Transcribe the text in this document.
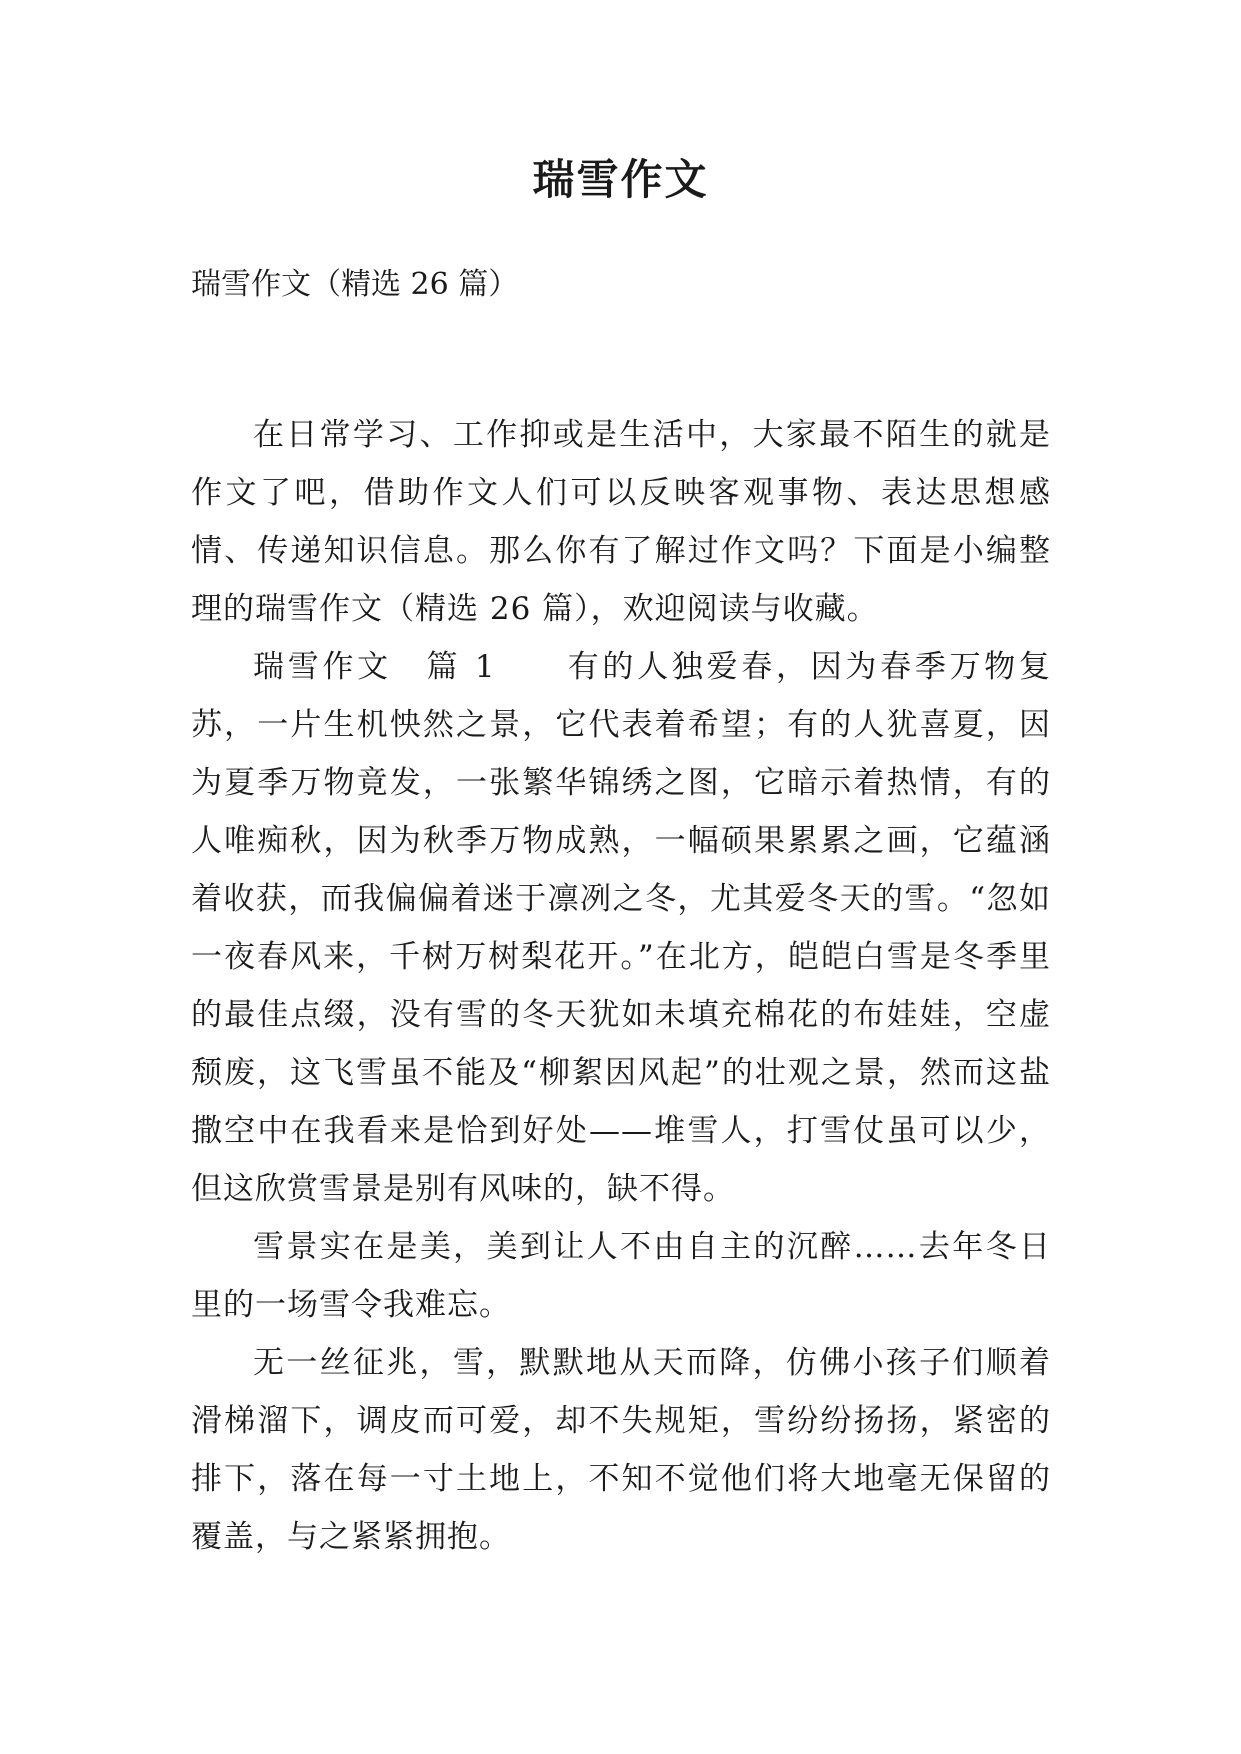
瑞雪作文
瑞雪作文（精选 26 篇）

在日常学习、工作抑或是生活中，大家最不陌生的就是作文了吧，借助作文人们可以反映客观事物、表达思想感情、传递知识信息。那么你有了解过作文吗？下面是小编整理的瑞雪作文（精选 26 篇），欢迎阅读与收藏。

瑞雪作文　篇 1　　有的人独爱春，因为春季万物复苏，一片生机怏然之景，它代表着希望；有的人犹喜夏，因为夏季万物竟发，一张繁华锦绣之图，它暗示着热情，有的人唯痴秋，因为秋季万物成熟，一幅硕果累累之画，它蕴涵着收获，而我偏偏着迷于凛冽之冬，尤其爱冬天的雪。“忽如一夜春风来，千树万树梨花开。”在北方，皑皑白雪是冬季里的最佳点缀，没有雪的冬天犹如未填充棉花的布娃娃，空虚颓废，这飞雪虽不能及“柳絮因风起”的壮观之景，然而这盐撒空中在我看来是恰到好处——堆雪人，打雪仗虽可以少，但这欣赏雪景是别有风味的，缺不得。

雪景实在是美，美到让人不由自主的沉醉……去年冬日里的一场雪令我难忘。

无一丝征兆，雪，默默地从天而降，仿佛小孩子们顺着滑梯溜下，调皮而可爱，却不失规矩，雪纷纷扬扬，紧密的排下，落在每一寸土地上，不知不觉他们将大地毫无保留的覆盖，与之紧紧拥抱。
